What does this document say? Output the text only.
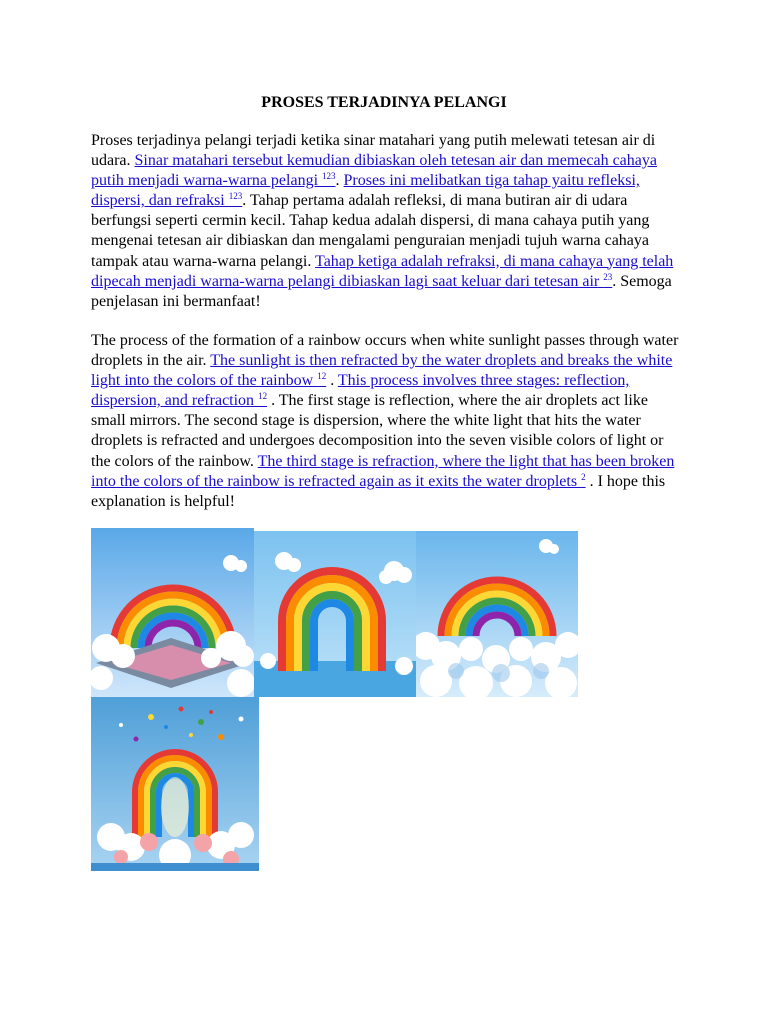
PROSES TERJADINYA PELANGI
Proses terjadinya pelangi terjadi ketika sinar matahari yang putih melewati tetesan air di udara. Sinar matahari tersebut kemudian dibiaskan oleh tetesan air dan memecah cahaya putih menjadi warna-warna pelangi $^{123}$. Proses ini melibatkan tiga tahap yaitu refleksi, dispersi, dan refraksi $^{123}$. Tahap pertama adalah refleksi, di mana butiran air di udara berfungsi seperti cermin kecil. Tahap kedua adalah dispersi, di mana cahaya putih yang mengenai tetesan air dibiaskan dan mengalami penguraian menjadi tujuh warna cahaya tampak atau warna-warna pelangi. Tahap ketiga adalah refraksi, di mana cahaya yang telah dipecah menjadi warna-warna pelangi dibiaskan lagi saat keluar dari tetesan air $^{23}$. Semoga penjelasan ini bermanfaat!
The process of the formation of a rainbow occurs when white sunlight passes through water droplets in the air. The sunlight is then refracted by the water droplets and breaks the white light into the colors of the rainbow $^{12}$ . This process involves three stages: reflection, dispersion, and refraction $^{12}$ . The first stage is reflection, where the air droplets act like small mirrors. The second stage is dispersion, where the white light that hits the water droplets is refracted and undergoes decomposition into the seven visible colors of light or the colors of the rainbow. The third stage is refraction, where the light that has been broken into the colors of the rainbow is refracted again as it exits the water droplets $^2$ . I hope this explanation is helpful!
